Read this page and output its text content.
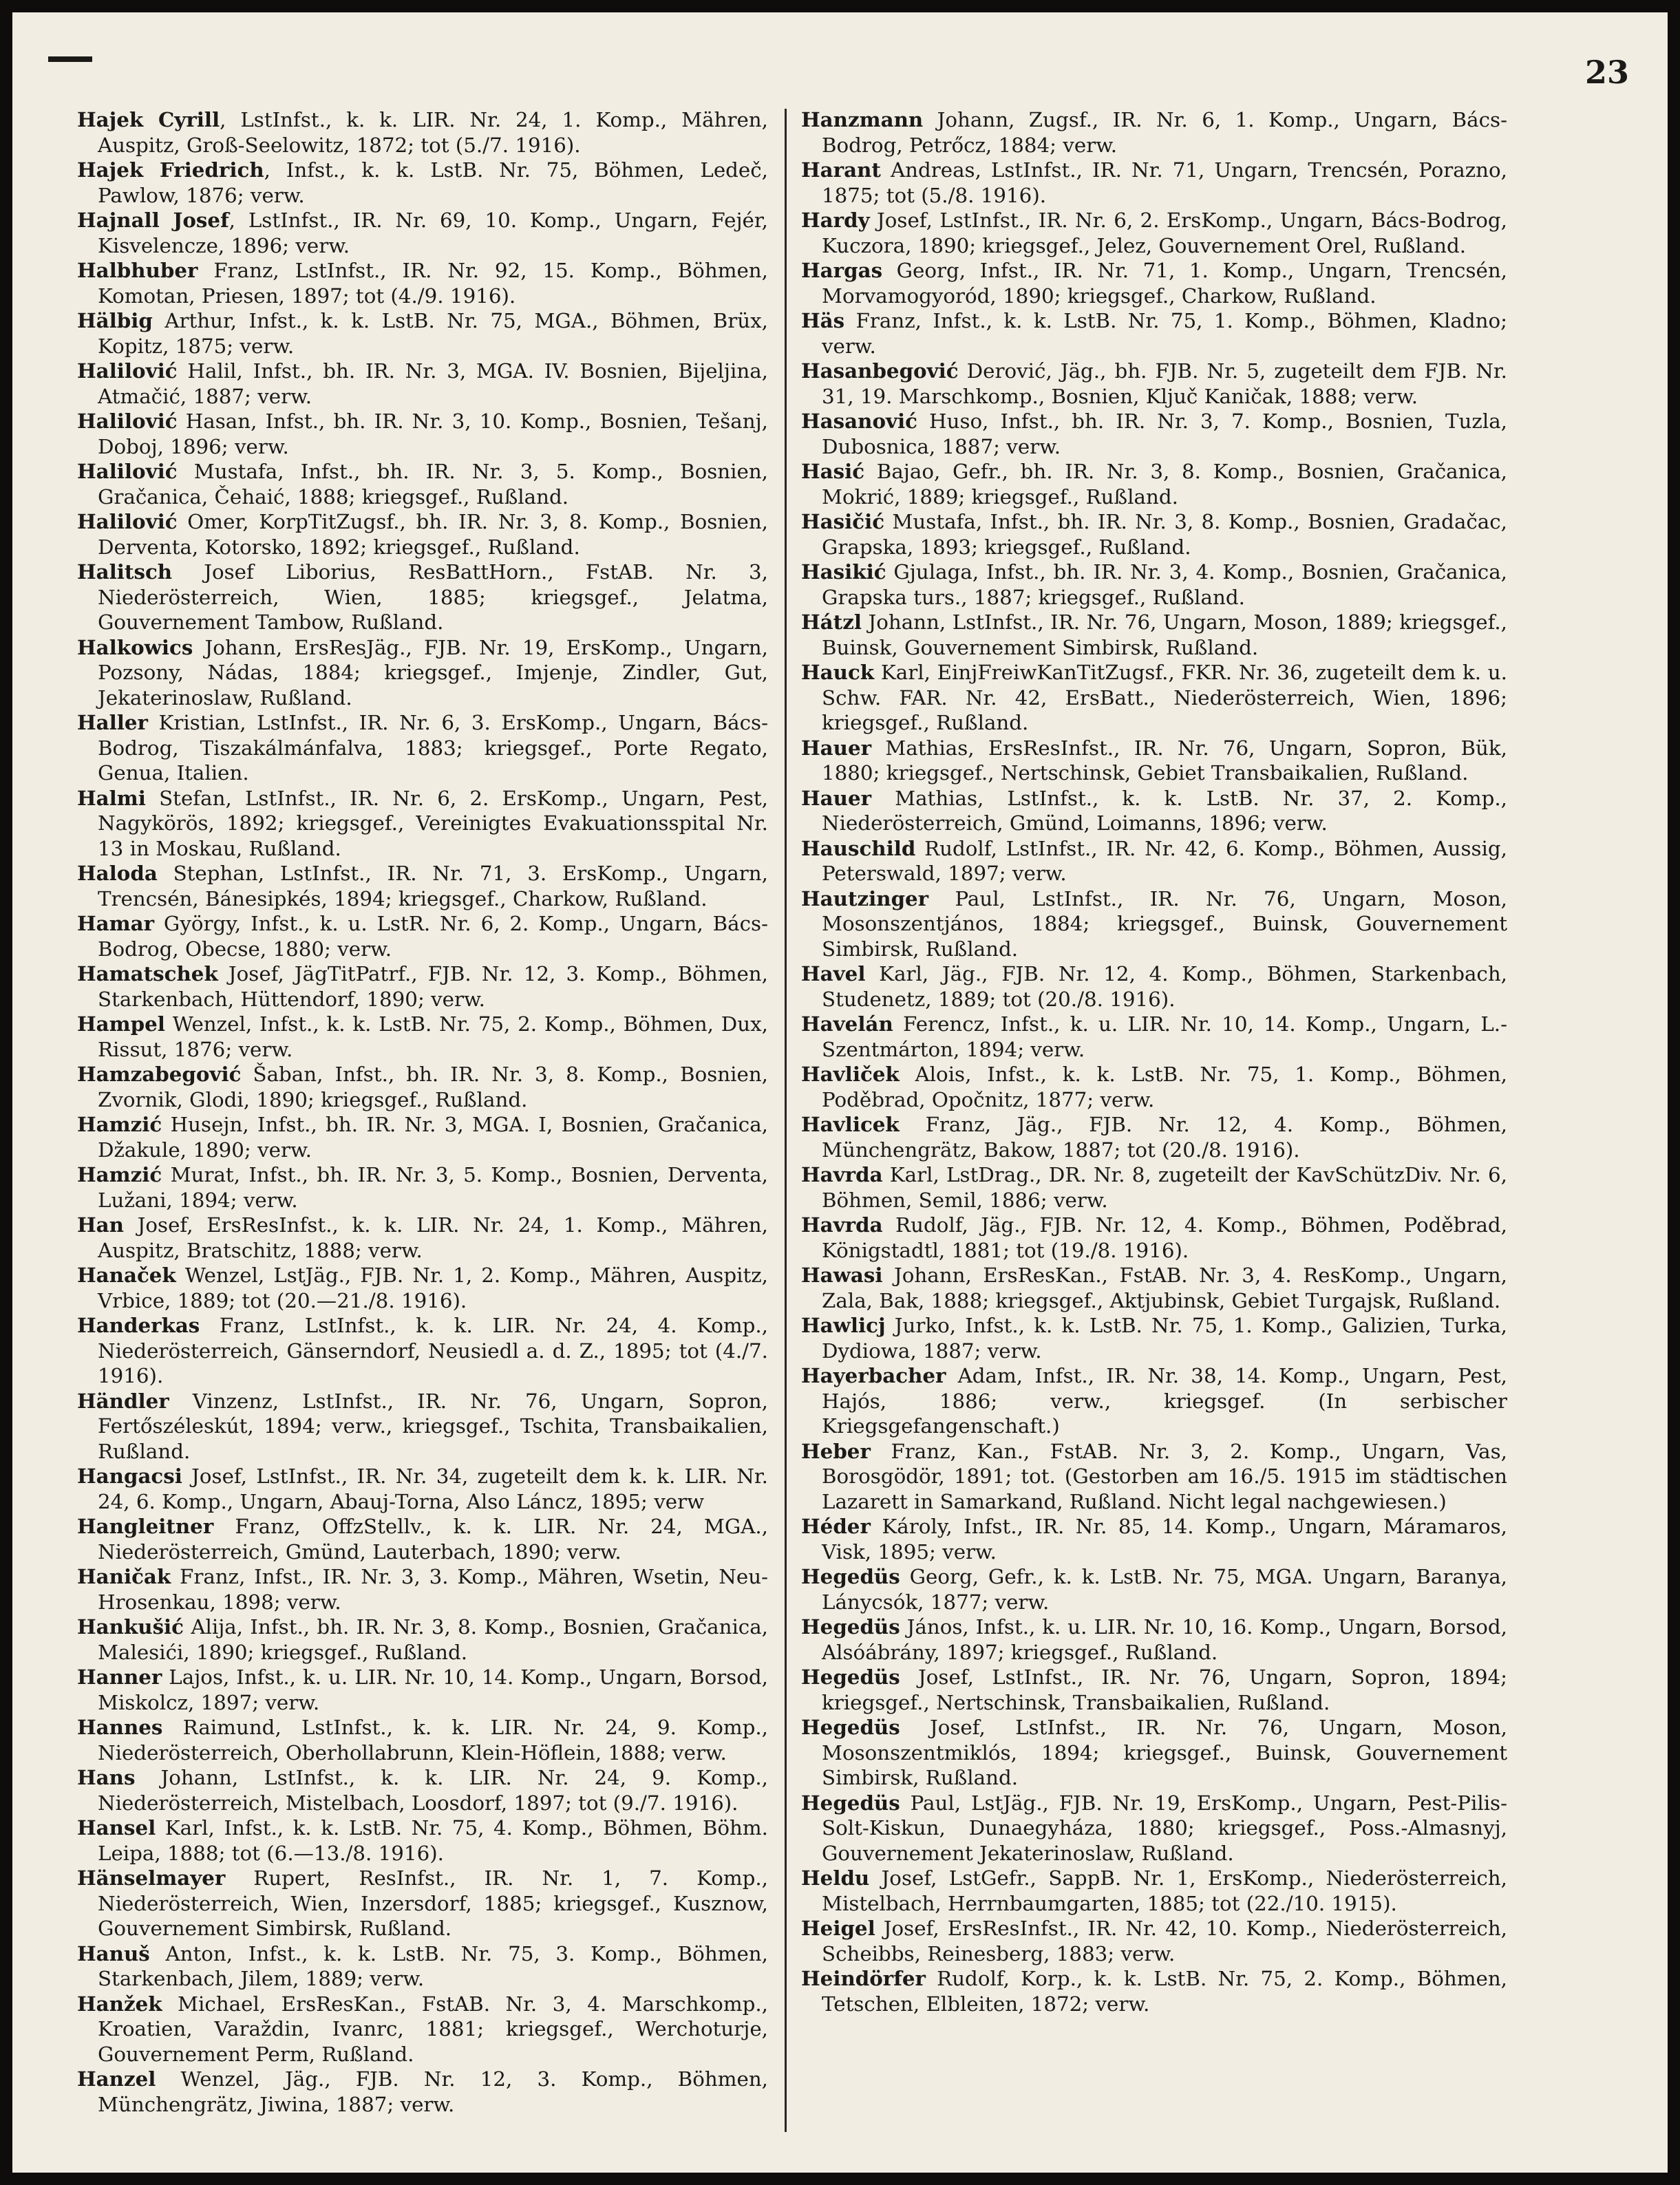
23

Hajek Cyrill, LstInfst., k. k. LIR. Nr. 24, 1. Komp., Mähren, Auspitz, Groß-Seelowitz, 1872; tot (5./7. 1916).

Hajek Friedrich, Infst., k. k. LstB. Nr. 75, Böhmen, Ledeč, Pawlow, 1876; verw.

Hajnall Josef, LstInfst., IR. Nr. 69, 10. Komp., Ungarn, Fejér, Kisvelencze, 1896; verw.

Halbhuber Franz, LstInfst., IR. Nr. 92, 15. Komp., Böhmen, Komotan, Priesen, 1897; tot (4./9. 1916).

Hälbig Arthur, Infst., k. k. LstB. Nr. 75, MGA., Böhmen, Brüx, Kopitz, 1875; verw.

Halilović Halil, Infst., bh. IR. Nr. 3, MGA. IV. Bosnien, Bijeljina, Atmačić, 1887; verw.

Halilović Hasan, Infst., bh. IR. Nr. 3, 10. Komp., Bosnien, Tešanj, Doboj, 1896; verw.

Halilović Mustafa, Infst., bh. IR. Nr. 3, 5. Komp., Bosnien, Gračanica, Čehaić, 1888; kriegsgef., Rußland.

Halilović Omer, KorpTitZugsf., bh. IR. Nr. 3, 8. Komp., Bosnien, Derventa, Kotorsko, 1892; kriegsgef., Rußland.

Halitsch Josef Liborius, ResBattHorn., FstAB. Nr. 3, Niederösterreich, Wien, 1885; kriegsgef., Jelatma, Gouvernement Tambow, Rußland.

Halkowics Johann, ErsResJäg., FJB. Nr. 19, ErsKomp., Ungarn, Pozsony, Nádas, 1884; kriegsgef., Imjenje, Zindler, Gut, Jekaterinoslaw, Rußland.

Haller Kristian, LstInfst., IR. Nr. 6, 3. ErsKomp., Ungarn, Bács-Bodrog, Tiszakálmánfalva, 1883; kriegsgef., Porte Regato, Genua, Italien.

Halmi Stefan, LstInfst., IR. Nr. 6, 2. ErsKomp., Ungarn, Pest, Nagykörös, 1892; kriegsgef., Vereinigtes Evakuationsspital Nr. 13 in Moskau, Rußland.

Haloda Stephan, LstInfst., IR. Nr. 71, 3. ErsKomp., Ungarn, Trencsén, Bánesipkés, 1894; kriegsgef., Charkow, Rußland.

Hamar György, Infst., k. u. LstR. Nr. 6, 2. Komp., Ungarn, Bács-Bodrog, Obecse, 1880; verw.

Hamatschek Josef, JägTitPatrf., FJB. Nr. 12, 3. Komp., Böhmen, Starkenbach, Hüttendorf, 1890; verw.

Hampel Wenzel, Infst., k. k. LstB. Nr. 75, 2. Komp., Böhmen, Dux, Rissut, 1876; verw.

Hamzabegović Šaban, Infst., bh. IR. Nr. 3, 8. Komp., Bosnien, Zvornik, Glodi, 1890; kriegsgef., Rußland.

Hamzić Husejn, Infst., bh. IR. Nr. 3, MGA. I, Bosnien, Gračanica, Džakule, 1890; verw.

Hamzić Murat, Infst., bh. IR. Nr. 3, 5. Komp., Bosnien, Derventa, Lužani, 1894; verw.

Han Josef, ErsResInfst., k. k. LIR. Nr. 24, 1. Komp., Mähren, Auspitz, Bratschitz, 1888; verw.

Hanaček Wenzel, LstJäg., FJB. Nr. 1, 2. Komp., Mähren, Auspitz, Vrbice, 1889; tot (20.—21./8. 1916).

Handerkas Franz, LstInfst., k. k. LIR. Nr. 24, 4. Komp., Niederösterreich, Gänserndorf, Neusiedl a. d. Z., 1895; tot (4./7. 1916).

Händler Vinzenz, LstInfst., IR. Nr. 76, Ungarn, Sopron, Fertőszéleskút, 1894; verw., kriegsgef., Tschita, Transbaikalien, Rußland.

Hangacsi Josef, LstInfst., IR. Nr. 34, zugeteilt dem k. k. LIR. Nr. 24, 6. Komp., Ungarn, Abauj-Torna, Also Láncz, 1895; verw

Hangleitner Franz, OffzStellv., k. k. LIR. Nr. 24, MGA., Niederösterreich, Gmünd, Lauterbach, 1890; verw.

Haničak Franz, Infst., IR. Nr. 3, 3. Komp., Mähren, Wsetin, Neu-Hrosenkau, 1898; verw.

Hankušić Alija, Infst., bh. IR. Nr. 3, 8. Komp., Bosnien, Gračanica, Malesići, 1890; kriegsgef., Rußland.

Hanner Lajos, Infst., k. u. LIR. Nr. 10, 14. Komp., Ungarn, Borsod, Miskolcz, 1897; verw.

Hannes Raimund, LstInfst., k. k. LIR. Nr. 24, 9. Komp., Niederösterreich, Oberhollabrunn, Klein-Höflein, 1888; verw.

Hans Johann, LstInfst., k. k. LIR. Nr. 24, 9. Komp., Niederösterreich, Mistelbach, Loosdorf, 1897; tot (9./7. 1916).

Hansel Karl, Infst., k. k. LstB. Nr. 75, 4. Komp., Böhmen, Böhm. Leipa, 1888; tot (6.—13./8. 1916).

Hänselmayer Rupert, ResInfst., IR. Nr. 1, 7. Komp., Niederösterreich, Wien, Inzersdorf, 1885; kriegsgef., Kusznow, Gouvernement Simbirsk, Rußland.

Hanuš Anton, Infst., k. k. LstB. Nr. 75, 3. Komp., Böhmen, Starkenbach, Jilem, 1889; verw.

Hanžek Michael, ErsResKan., FstAB. Nr. 3, 4. Marschkomp., Kroatien, Varaždin, Ivanrc, 1881; kriegsgef., Werchoturje, Gouvernement Perm, Rußland.

Hanzel Wenzel, Jäg., FJB. Nr. 12, 3. Komp., Böhmen, Münchengrätz, Jiwina, 1887; verw.

Hanzmann Johann, Zugsf., IR. Nr. 6, 1. Komp., Ungarn, Bács-Bodrog, Petrőcz, 1884; verw.

Harant Andreas, LstInfst., IR. Nr. 71, Ungarn, Trencsén, Porazno, 1875; tot (5./8. 1916).

Hardy Josef, LstInfst., IR. Nr. 6, 2. ErsKomp., Ungarn, Bács-Bodrog, Kuczora, 1890; kriegsgef., Jelez, Gouvernement Orel, Rußland.

Hargas Georg, Infst., IR. Nr. 71, 1. Komp., Ungarn, Trencsén, Morvamogyoród, 1890; kriegsgef., Charkow, Rußland.

Häs Franz, Infst., k. k. LstB. Nr. 75, 1. Komp., Böhmen, Kladno; verw.

Hasanbegović Derović, Jäg., bh. FJB. Nr. 5, zugeteilt dem FJB. Nr. 31, 19. Marschkomp., Bosnien, Ključ Kaničak, 1888; verw.

Hasanović Huso, Infst., bh. IR. Nr. 3, 7. Komp., Bosnien, Tuzla, Dubosnica, 1887; verw.

Hasić Bajao, Gefr., bh. IR. Nr. 3, 8. Komp., Bosnien, Gračanica, Mokrić, 1889; kriegsgef., Rußland.

Hasičić Mustafa, Infst., bh. IR. Nr. 3, 8. Komp., Bosnien, Gradačac, Grapska, 1893; kriegsgef., Rußland.

Hasikić Gjulaga, Infst., bh. IR. Nr. 3, 4. Komp., Bosnien, Gračanica, Grapska turs., 1887; kriegsgef., Rußland.

Hátzl Johann, LstInfst., IR. Nr. 76, Ungarn, Moson, 1889; kriegsgef., Buinsk, Gouvernement Simbirsk, Rußland.

Hauck Karl, EinjFreiwKanTitZugsf., FKR. Nr. 36, zugeteilt dem k. u. Schw. FAR. Nr. 42, ErsBatt., Niederösterreich, Wien, 1896; kriegsgef., Rußland.

Hauer Mathias, ErsResInfst., IR. Nr. 76, Ungarn, Sopron, Bük, 1880; kriegsgef., Nertschinsk, Gebiet Transbaikalien, Rußland.

Hauer Mathias, LstInfst., k. k. LstB. Nr. 37, 2. Komp., Niederösterreich, Gmünd, Loimanns, 1896; verw.

Hauschild Rudolf, LstInfst., IR. Nr. 42, 6. Komp., Böhmen, Aussig, Peterswald, 1897; verw.

Hautzinger Paul, LstInfst., IR. Nr. 76, Ungarn, Moson, Mosonszentjános, 1884; kriegsgef., Buinsk, Gouvernement Simbirsk, Rußland.

Havel Karl, Jäg., FJB. Nr. 12, 4. Komp., Böhmen, Starkenbach, Studenetz, 1889; tot (20./8. 1916).

Havelán Ferencz, Infst., k. u. LIR. Nr. 10, 14. Komp., Ungarn, L.-Szentmárton, 1894; verw.

Havliček Alois, Infst., k. k. LstB. Nr. 75, 1. Komp., Böhmen, Poděbrad, Opočnitz, 1877; verw.

Havlicek Franz, Jäg., FJB. Nr. 12, 4. Komp., Böhmen, Münchengrätz, Bakow, 1887; tot (20./8. 1916).

Havrda Karl, LstDrag., DR. Nr. 8, zugeteilt der KavSchützDiv. Nr. 6, Böhmen, Semil, 1886; verw.

Havrda Rudolf, Jäg., FJB. Nr. 12, 4. Komp., Böhmen, Poděbrad, Königstadtl, 1881; tot (19./8. 1916).

Hawasi Johann, ErsResKan., FstAB. Nr. 3, 4. ResKomp., Ungarn, Zala, Bak, 1888; kriegsgef., Aktjubinsk, Gebiet Turgajsk, Rußland.

Hawlicj Jurko, Infst., k. k. LstB. Nr. 75, 1. Komp., Galizien, Turka, Dydiowa, 1887; verw.

Hayerbacher Adam, Infst., IR. Nr. 38, 14. Komp., Ungarn, Pest, Hajós, 1886; verw., kriegsgef. (In serbischer Kriegsgefangenschaft.)

Heber Franz, Kan., FstAB. Nr. 3, 2. Komp., Ungarn, Vas, Borosgödör, 1891; tot. (Gestorben am 16./5. 1915 im städtischen Lazarett in Samarkand, Rußland. Nicht legal nachgewiesen.)

Héder Károly, Infst., IR. Nr. 85, 14. Komp., Ungarn, Máramaros, Visk, 1895; verw.

Hegedüs Georg, Gefr., k. k. LstB. Nr. 75, MGA. Ungarn, Baranya, Lánycsók, 1877; verw.

Hegedüs János, Infst., k. u. LIR. Nr. 10, 16. Komp., Ungarn, Borsod, Alsóábrány, 1897; kriegsgef., Rußland.

Hegedüs Josef, LstInfst., IR. Nr. 76, Ungarn, Sopron, 1894; kriegsgef., Nertschinsk, Transbaikalien, Rußland.

Hegedüs Josef, LstInfst., IR. Nr. 76, Ungarn, Moson, Mosonszentmiklós, 1894; kriegsgef., Buinsk, Gouvernement Simbirsk, Rußland.

Hegedüs Paul, LstJäg., FJB. Nr. 19, ErsKomp., Ungarn, Pest-Pilis-Solt-Kiskun, Dunaegyháza, 1880; kriegsgef., Poss.-Almasnyj, Gouvernement Jekaterinoslaw, Rußland.

Heldu Josef, LstGefr., SappB. Nr. 1, ErsKomp., Niederösterreich, Mistelbach, Herrnbaumgarten, 1885; tot (22./10. 1915).

Heigel Josef, ErsResInfst., IR. Nr. 42, 10. Komp., Niederösterreich, Scheibbs, Reinesberg, 1883; verw.

Heindörfer Rudolf, Korp., k. k. LstB. Nr. 75, 2. Komp., Böhmen, Tetschen, Elbleiten, 1872; verw.
